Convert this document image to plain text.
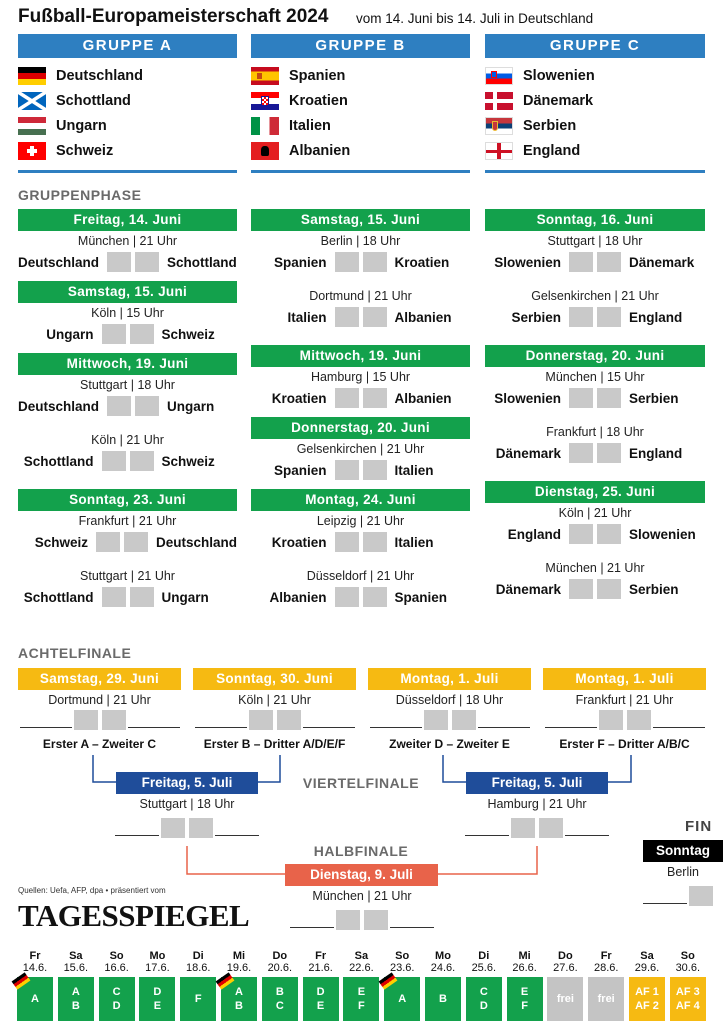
Fußball-Europameisterschaft 2024 vom 14. Juni bis 14. Juli in Deutschland
GRUPPE A
Deutschland
Schottland
Ungarn
Schweiz
GRUPPE B
Spanien
Kroatien
Italien
Albanien
GRUPPE C
Slowenien
Dänemark
Serbien
England
GRUPPENPHASE
Freitag, 14. Juni
München | 21 Uhr
Deutschland	Schottland
Samstag, 15. Juni
Köln | 15 Uhr
Ungarn	Schweiz
Mittwoch, 19. Juni
Stuttgart | 18 Uhr
Deutschland	Ungarn
Köln | 21 Uhr
Schottland	Schweiz
Sonntag, 23. Juni
Frankfurt | 21 Uhr
Schweiz	Deutschland
Stuttgart | 21 Uhr
Schottland	Ungarn
Samstag, 15. Juni
Berlin | 18 Uhr
Spanien	Kroatien
Dortmund | 21 Uhr
Italien	Albanien
Mittwoch, 19. Juni
Hamburg | 15 Uhr
Kroatien	Albanien
Donnerstag, 20. Juni
Gelsenkirchen | 21 Uhr
Spanien	Italien
Montag, 24. Juni
Leipzig | 21 Uhr
Kroatien	Italien
Düsseldorf | 21 Uhr
Albanien	Spanien
Sonntag, 16. Juni
Stuttgart | 18 Uhr
Slowenien	Dänemark
Gelsenkirchen | 21 Uhr
Serbien	England
Donnerstag, 20. Juni
München | 15 Uhr
Slowenien	Serbien
Frankfurt | 18 Uhr
Dänemark	England
Dienstag, 25. Juni
Köln | 21 Uhr
England	Slowenien
München | 21 Uhr
Dänemark	Serbien
ACHTELFINALE
Samstag, 29. Juni
Dortmund | 21 Uhr
Erster A – Zweiter C
Sonntag, 30. Juni
Köln | 21 Uhr
Erster B – Dritter A/D/E/F
Montag, 1. Juli
Düsseldorf | 18 Uhr
Zweiter D – Zweiter E
Montag, 1. Juli
Frankfurt | 21 Uhr
Erster F – Dritter A/B/C
VIERTELFINALE
Freitag, 5. Juli
Stuttgart | 18 Uhr
Freitag, 5. Juli
Hamburg | 21 Uhr
HALBFINALE
Dienstag, 9. Juli
München | 21 Uhr
FIN
Sonntag
Berlin
Quellen: Uefa, AFP, dpa • präsentiert vom
TAGESSPIEGEL
Fr
14.6.
A
Sa
15.6.
A
B
So
16.6.
C
D
Mo
17.6.
D
E
Di
18.6.
F
Mi
19.6.
A
B
Do
20.6.
B
C
Fr
21.6.
D
E
Sa
22.6.
E
F
So
23.6.
A
Mo
24.6.
B
Di
25.6.
C
D
Mi
26.6.
E
F
Do
27.6.
frei
Fr
28.6.
frei
Sa
29.6.
AF 1
AF 2
So
30.6.
AF 3
AF 4
